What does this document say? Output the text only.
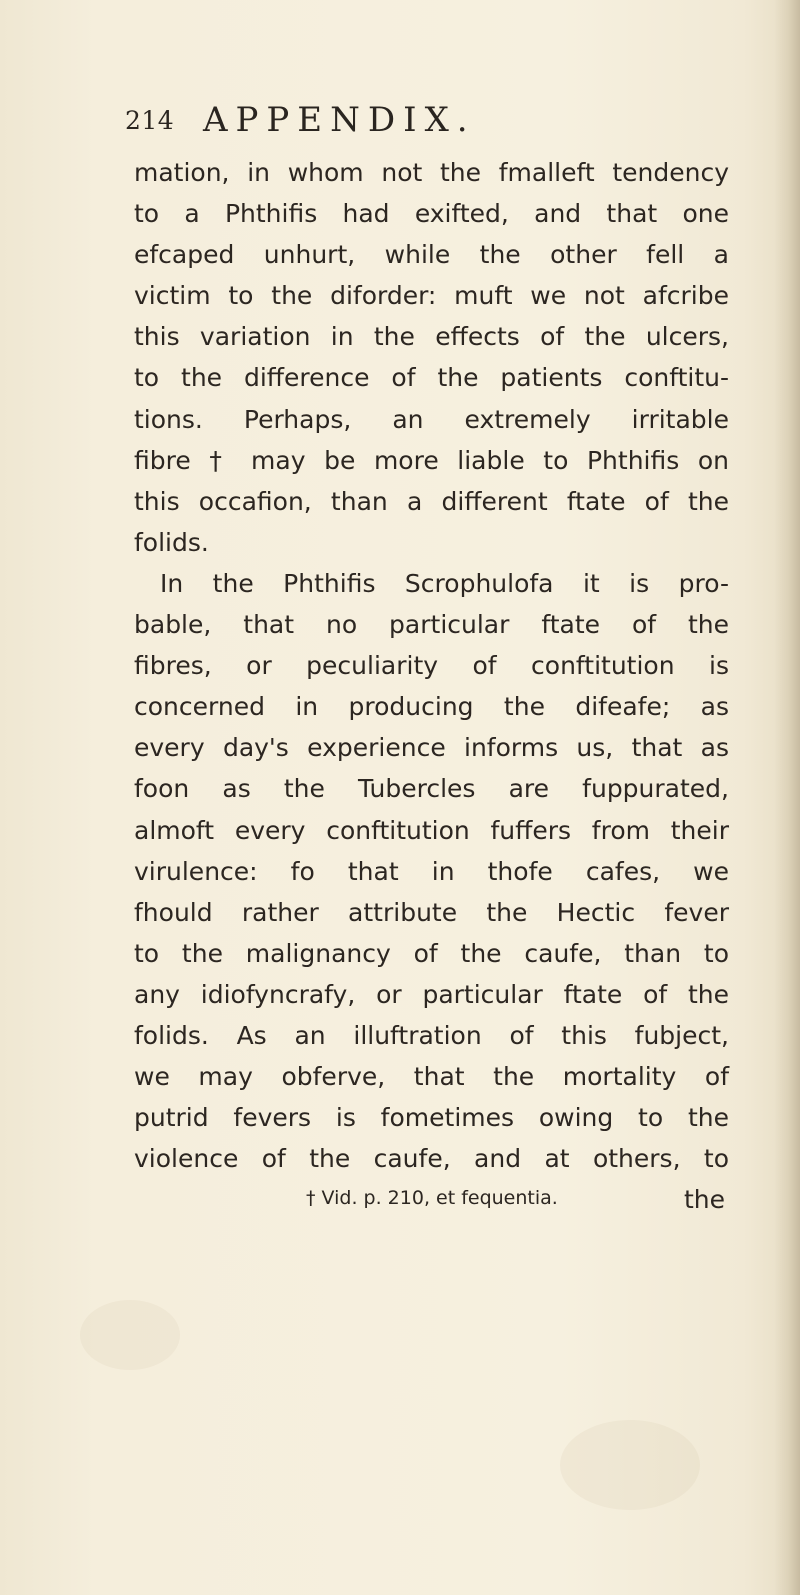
214 APPENDIX.
mation, in whom not the fmalleft tendency
to a Phthifis had exifted, and that one
efcaped unhurt, while the other fell a
victim to the diforder: muft we not afcribe
this variation in the effects of the ulcers,
to the difference of the patients conftitu-
tions. Perhaps, an extremely irritable
fibre † may be more liable to Phthifis on
this occafion, than a different ftate of the
folids.
In the Phthifis Scrophulofa it is pro-
bable, that no particular ftate of the
fibres, or peculiarity of conftitution is
concerned in producing the difeafe; as
every day's experience informs us, that as
foon as the Tubercles are fuppurated,
almoft every conftitution fuffers from their
virulence: fo that in thofe cafes, we
fhould rather attribute the Hectic fever
to the malignancy of the caufe, than to
any idiofyncrafy, or particular ftate of the
folids. As an illuftration of this fubject,
we may obferve, that the mortality of
putrid fevers is fometimes owing to the
violence of the caufe, and at others, to
the
† Vid. p. 210, et fequentia.
